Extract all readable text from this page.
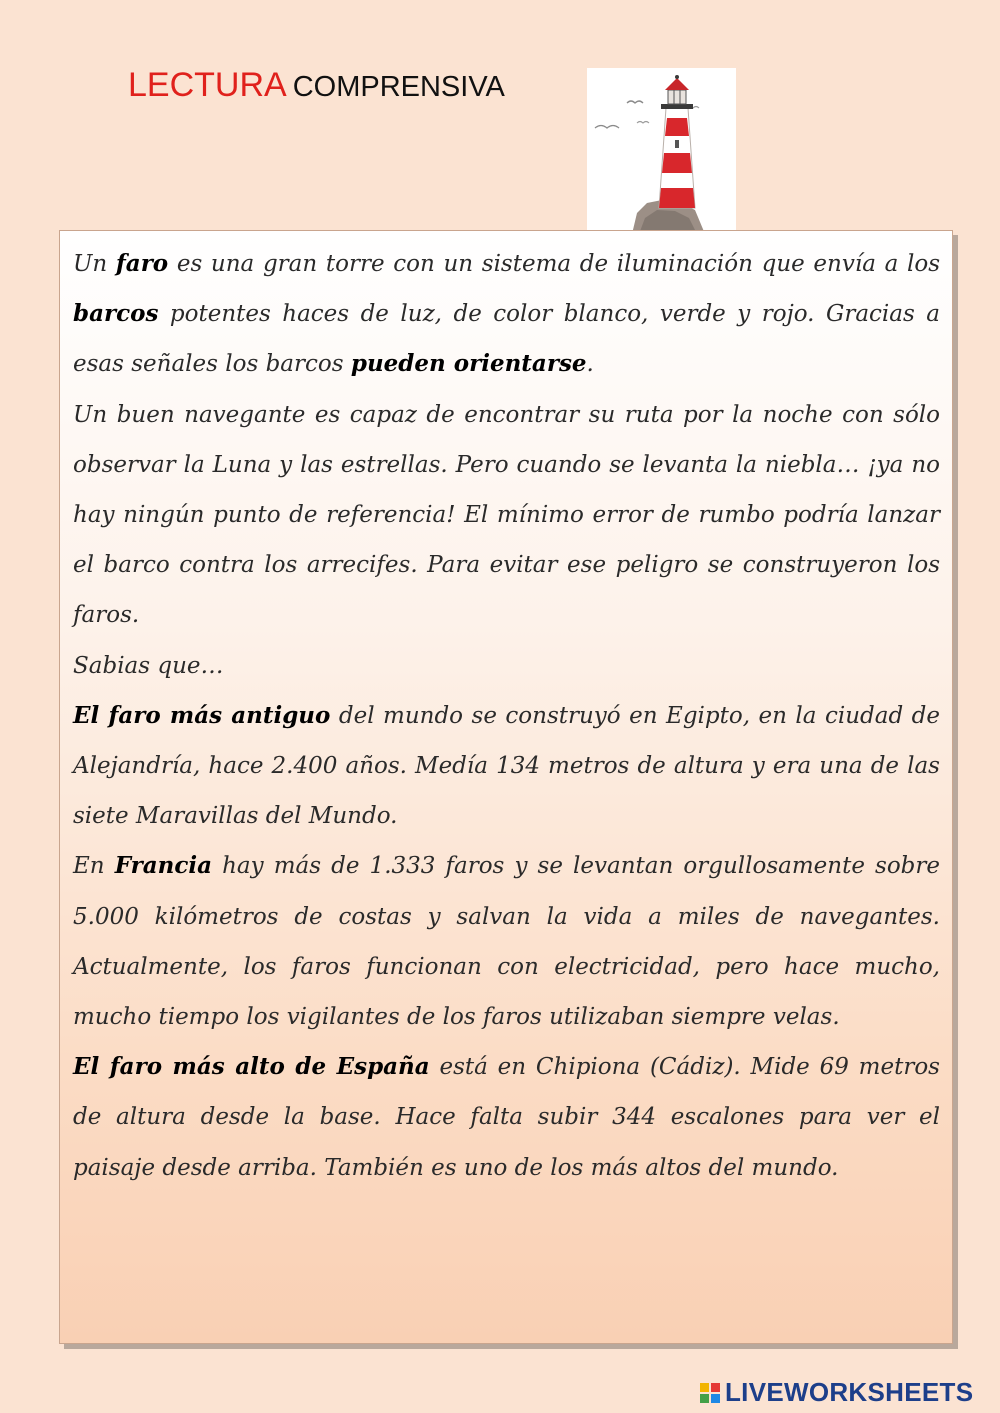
LECTURA COMPRENSIVA

Un faro es una gran torre con un sistema de iluminación que envía a los barcos potentes haces de luz, de color blanco, verde y rojo. Gracias a esas señales los barcos pueden orientarse.

Un buen navegante es capaz de encontrar su ruta por la noche con sólo observar la Luna y las estrellas. Pero cuando se levanta la niebla… ¡ya no hay ningún punto de referencia! El mínimo error de rumbo podría lanzar el barco contra los arrecifes. Para evitar ese peligro se construyeron los faros.

Sabias que…

El faro más antiguo del mundo se construyó en Egipto, en la ciudad de Alejandría, hace 2.400 años. Medía 134 metros de altura y era una de las siete Maravillas del Mundo.

En Francia hay más de 1.333 faros y se levantan orgullosamente sobre 5.000 kilómetros de costas y salvan la vida a miles de navegantes. Actualmente, los faros funcionan con electricidad, pero hace mucho, mucho tiempo los vigilantes de los faros utilizaban siempre velas.

El faro más alto de España está en Chipiona (Cádiz). Mide 69 metros de altura desde la base. Hace falta subir 344 escalones para ver el paisaje desde arriba. También es uno de los más altos del mundo.

LIVEWORKSHEETS
